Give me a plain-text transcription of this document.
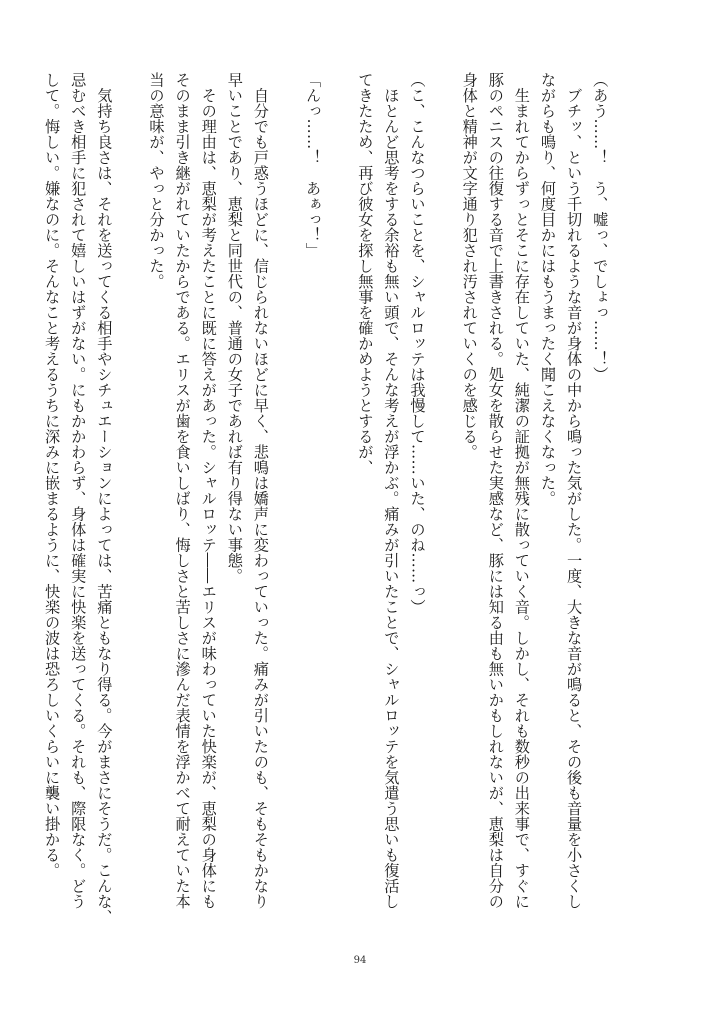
（あう……！　う、嘘っ、でしょっ……！）
　ブチッ、という千切れるような音が身体の中から鳴った気がした。一度、大きな音が鳴ると、その後も音量を小さくし
ながらも鳴り、何度目かにはもうまったく聞こえなくなった。
　生まれてからずっとそこに存在していた、純潔の証拠が無残に散っていく音。しかし、それも数秒の出来事で、すぐに
豚のペニスの往復する音で上書きされる。処女を散らせた実感など、豚には知る由も無いかもしれないが、恵梨は自分の
身体と精神が文字通り犯され汚されていくのを感じる。
（こ、こんなつらいことを、シャルロッテは我慢して……いた、のね……っ）
　ほとんど思考をする余裕も無い頭で、そんな考えが浮かぶ。痛みが引いたことで、シャルロッテを気遣う思いも復活し
てきたため、再び彼女を探し無事を確かめようとするが、
「んっ……！　あぁっ！」
　自分でも戸惑うほどに、信じられないほどに早く、悲鳴は嬌声に変わっていった。痛みが引いたのも、そもそもかなり
早いことであり、恵梨と同世代の、普通の女子であれば有り得ない事態。
　その理由は、恵梨が考えたことに既に答えがあった。シャルロッテ――エリスが味わっていた快楽が、恵梨の身体にも
そのまま引き継がれていたからである。エリスが歯を食いしばり、悔しさと苦しさに滲んだ表情を浮かべて耐えていた本
当の意味が、やっと分かった。
　気持ち良さは、それを送ってくる相手やシチュエーションによっては、苦痛ともなり得る。今がまさにそうだ。こんな、
忌むべき相手に犯されて嬉しいはずがない。にもかかわらず、身体は確実に快楽を送ってくる。それも、際限なく。どう
して。悔しい。嫌なのに。そんなこと考えるうちに深みに嵌まるように、快楽の波は恐ろしいくらいに襲い掛かる。
94
